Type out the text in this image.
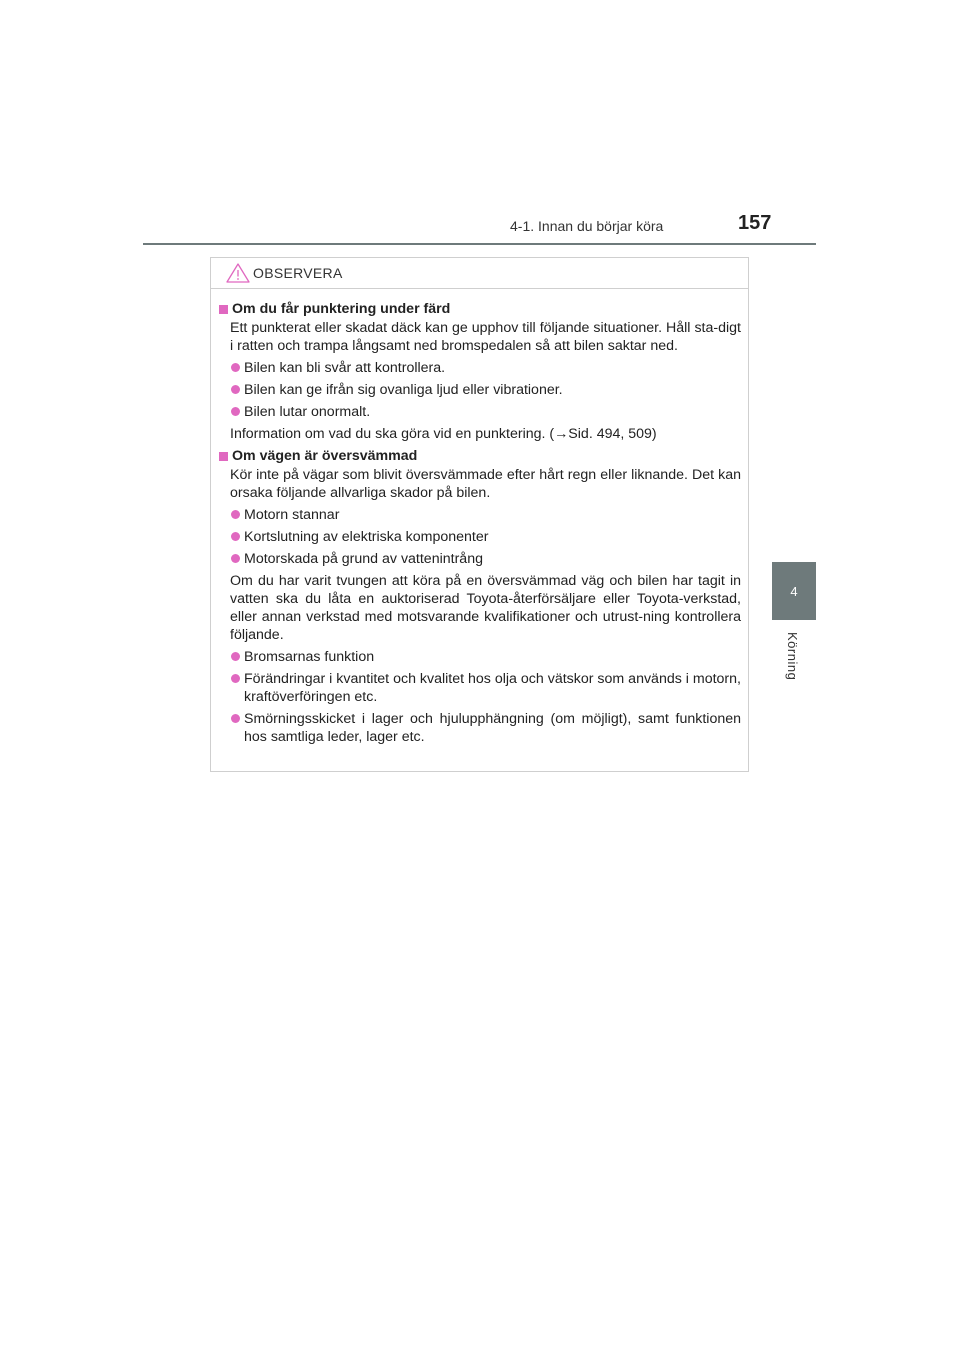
4-1. Innan du börjar köra	157
4
Körning
OBSERVERA
Om du får punktering under färd
Ett punkterat eller skadat däck kan ge upphov till följande situationer. Håll sta-digt i ratten och trampa långsamt ned bromspedalen så att bilen saktar ned.
Bilen kan bli svår att kontrollera.
Bilen kan ge ifrån sig ovanliga ljud eller vibrationer.
Bilen lutar onormalt.
Information om vad du ska göra vid en punktering. (→Sid. 494, 509)
Om vägen är översvämmad
Kör inte på vägar som blivit översvämmade efter hårt regn eller liknande. Det kan orsaka följande allvarliga skador på bilen.
Motorn stannar
Kortslutning av elektriska komponenter
Motorskada på grund av vattenintrång
Om du har varit tvungen att köra på en översvämmad väg och bilen har tagit in vatten ska du låta en auktoriserad Toyota-återförsäljare eller Toyota-verkstad, eller annan verkstad med motsvarande kvalifikationer och utrust-ning kontrollera följande.
Bromsarnas funktion
Förändringar i kvantitet och kvalitet hos olja och vätskor som används i motorn, kraftöverföringen etc.
Smörningsskicket i lager och hjulupphängning (om möjligt), samt funktionen hos samtliga leder, lager etc.
